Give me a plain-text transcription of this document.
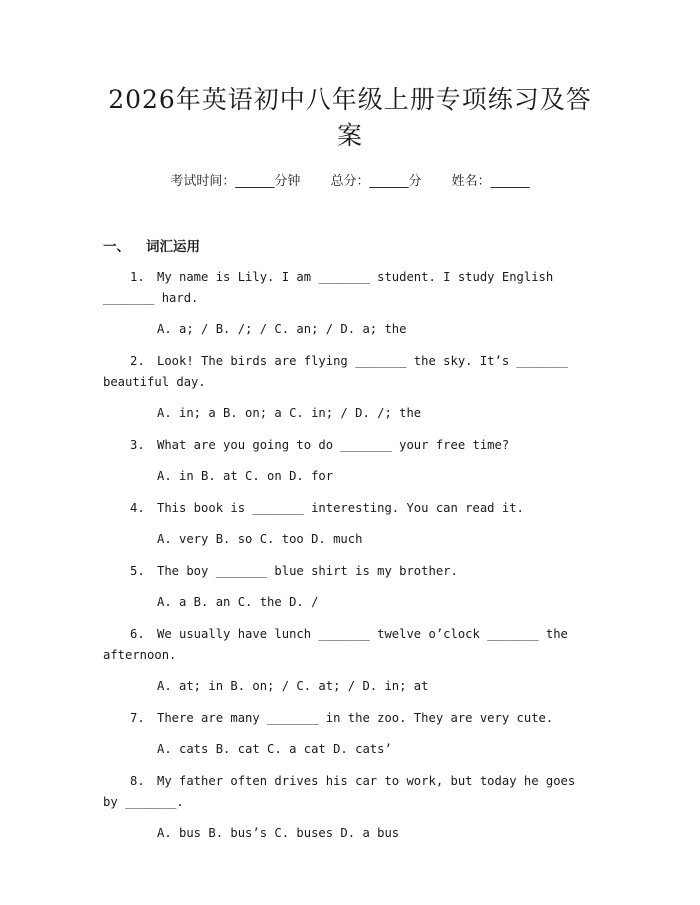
2026年英语初中八年级上册专项练习及答案
考试时间：______分钟 总分：______分 姓名：______
一、 词汇运用
1. My name is Lily. I am _______ student. I study English _______ hard.
A. a; / B. /; / C. an; / D. a; the
2. Look! The birds are flying _______ the sky. It’s _______ beautiful day.
A. in; a B. on; a C. in; / D. /; the
3. What are you going to do _______ your free time?
A. in B. at C. on D. for
4. This book is _______ interesting. You can read it.
A. very B. so C. too D. much
5. The boy _______ blue shirt is my brother.
A. a B. an C. the D. /
6. We usually have lunch _______ twelve o’clock _______ the afternoon.
A. at; in B. on; / C. at; / D. in; at
7. There are many _______ in the zoo. They are very cute.
A. cats B. cat C. a cat D. cats’
8. My father often drives his car to work, but today he goes by _______.
A. bus B. bus’s C. buses D. a bus
